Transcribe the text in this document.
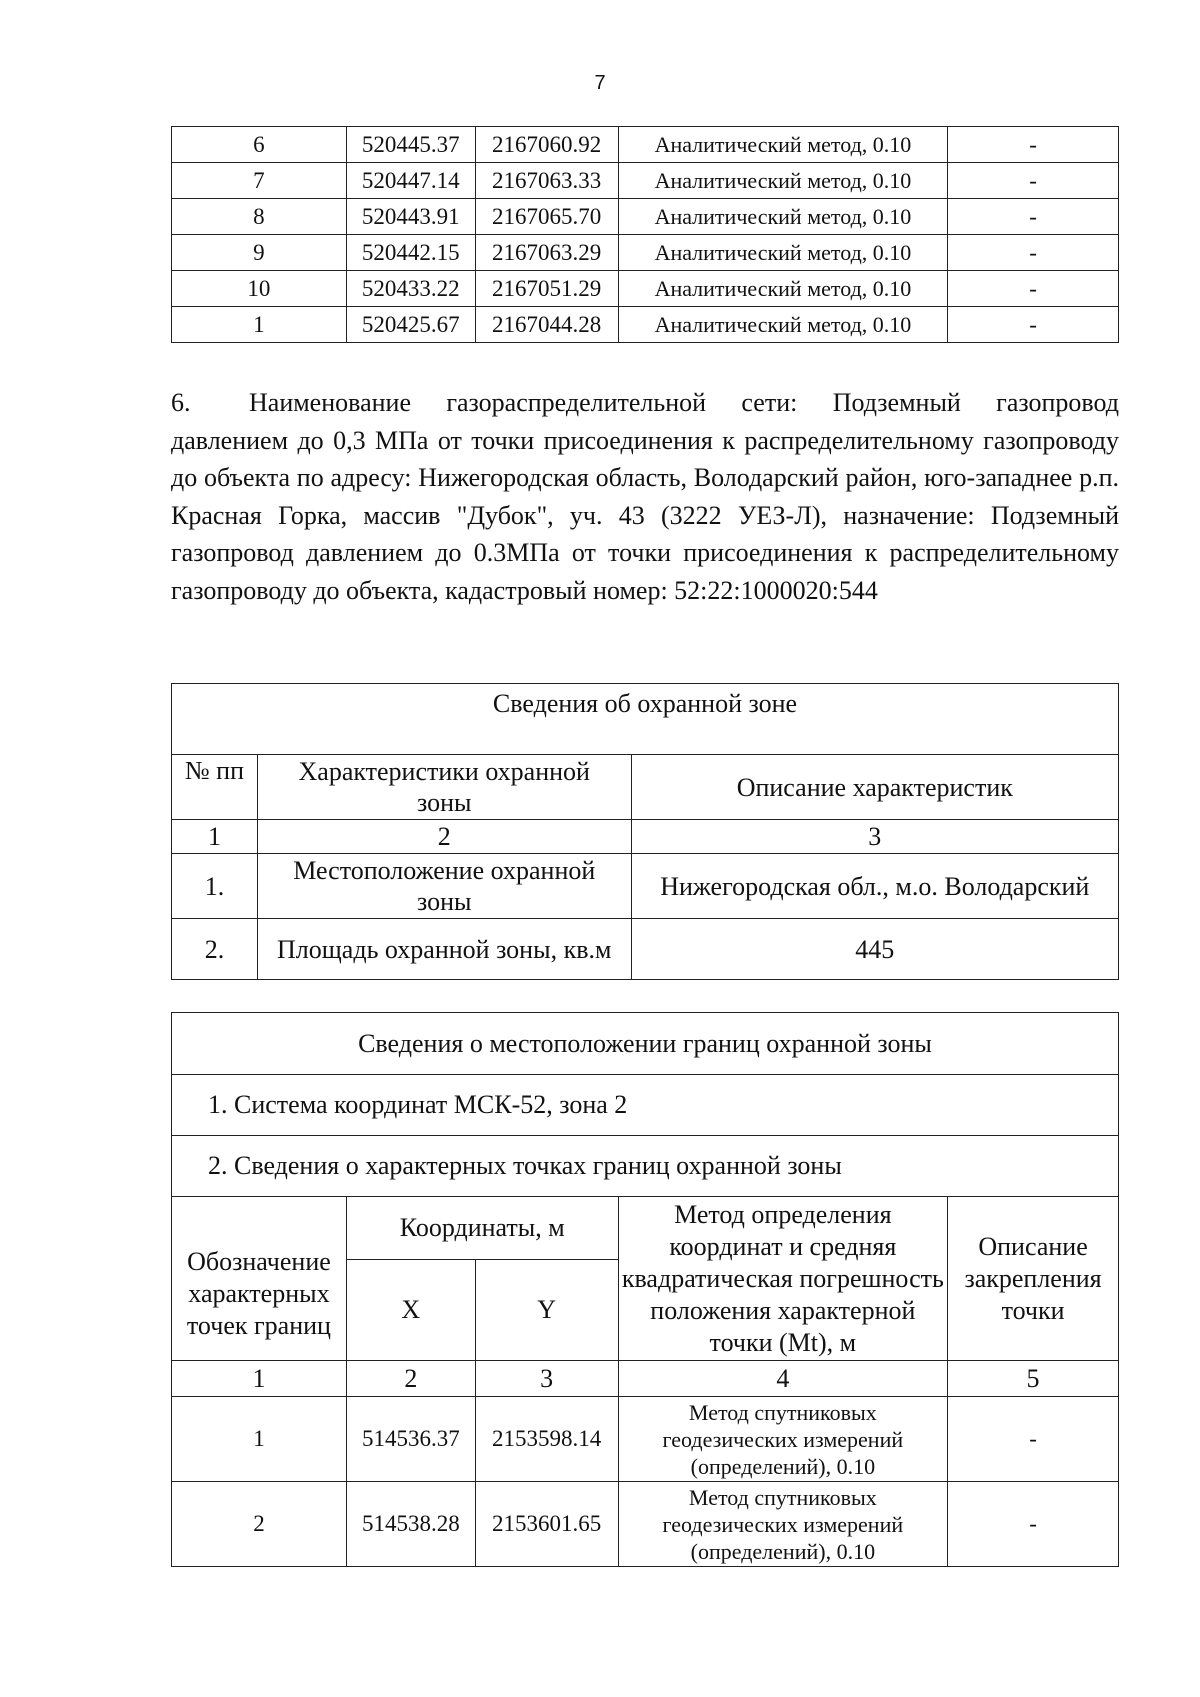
7
6	520445.37	2167060.92	Аналитический метод, 0.10	-
7	520447.14	2167063.33	Аналитический метод, 0.10	-
8	520443.91	2167065.70	Аналитический метод, 0.10	-
9	520442.15	2167063.29	Аналитический метод, 0.10	-
10	520433.22	2167051.29	Аналитический метод, 0.10	-
1	520425.67	2167044.28	Аналитический метод, 0.10	-

6. Наименование газораспределительной сети: Подземный газопровод давлением до 0,3 МПа от точки присоединения к распределительному газопроводу до объекта по адресу: Нижегородская область, Володарский район, юго-западнее р.п. Красная Горка, массив "Дубок", уч. 43 (3222 УЕЗ-Л), назначение: Подземный газопровод давлением до 0.3МПа от точки присоединения к распределительному газопроводу до объекта, кадастровый номер: 52:22:1000020:544

Сведения об охранной зоне		
№ пп	Характеристики охранной зоны	Описание характеристик
1	2	3
1.	Местоположение охранной зоны	Нижегородская обл., м.о. Володарский
2.	Площадь охранной зоны, кв.м	445
Сведения о местоположении границ охранной зоны				
1. Система координат МСК-52, зона 2				
2. Сведения о характерных точках границ охранной зоны				
Обозначение характерных точек границ	Координаты, м		Метод определения координат и средняя квадратическая погрешность положения характерной точки (Mt), м	Описание закрепления точки
	X	Y		
1	2	3	4	5
1	514536.37	2153598.14	Метод спутниковых геодезических измерений (определений), 0.10	-
2	514538.28	2153601.65	Метод спутниковых геодезических измерений (определений), 0.10	-
